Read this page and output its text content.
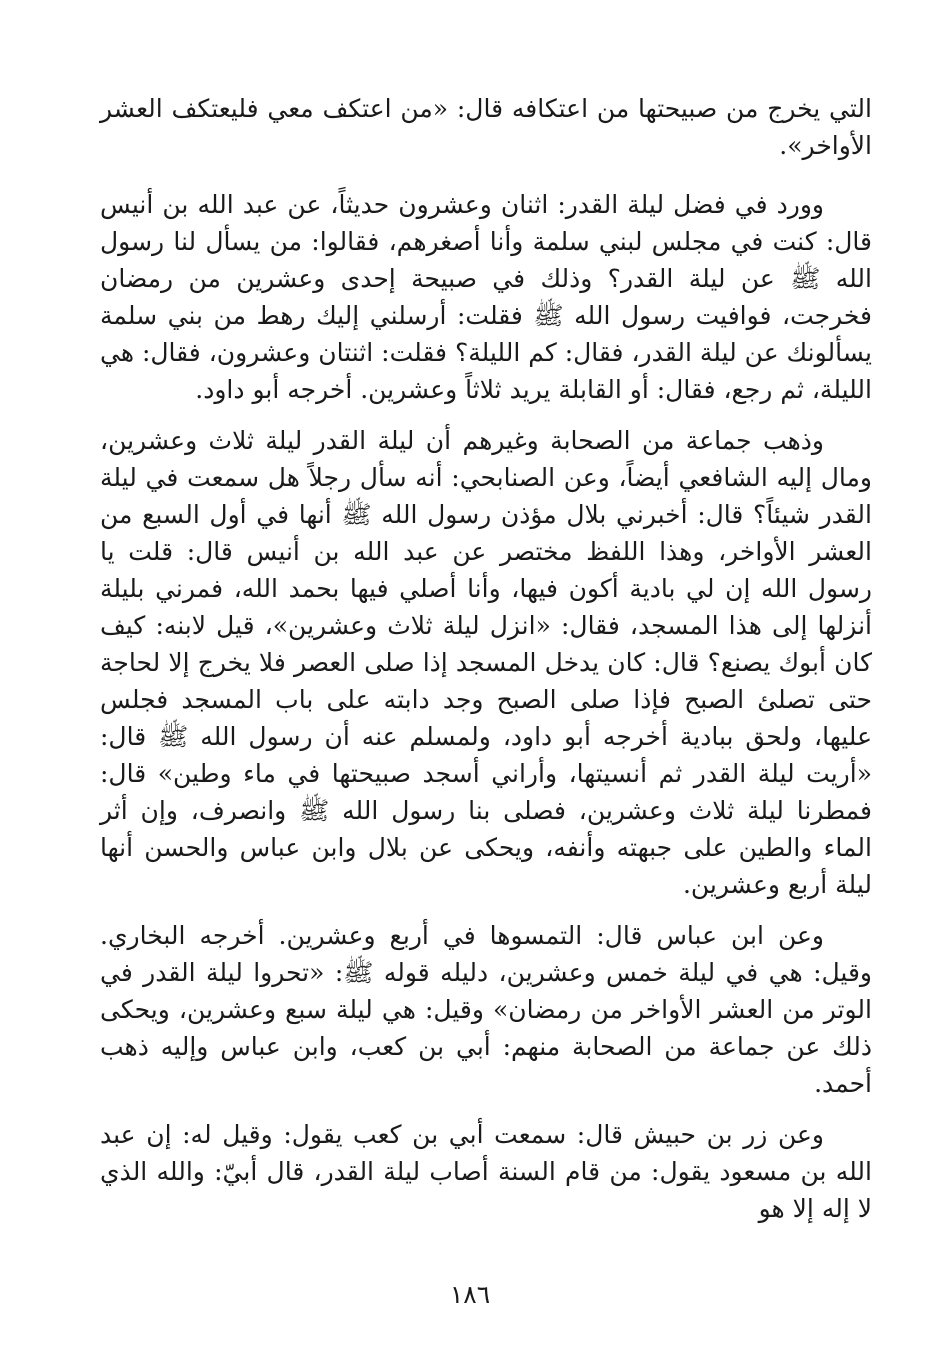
التي يخرج من صبيحتها من اعتكافه قال: «من اعتكف معي فليعتكف العشر الأواخر».

وورد في فضل ليلة القدر: اثنان وعشرون حديثاً، عن عبد الله بن أنيس قال: كنت في مجلس لبني سلمة وأنا أصغرهم، فقالوا: من يسأل لنا رسول الله ﷺ عن ليلة القدر؟ وذلك في صبيحة إحدى وعشرين من رمضان فخرجت، فوافيت رسول الله ﷺ فقلت: أرسلني إليك رهط من بني سلمة يسألونك عن ليلة القدر، فقال: كم الليلة؟ فقلت: اثنتان وعشرون، فقال: هي الليلة، ثم رجع، فقال: أو القابلة يريد ثلاثاً وعشرين. أخرجه أبو داود.

وذهب جماعة من الصحابة وغيرهم أن ليلة القدر ليلة ثلاث وعشرين، ومال إليه الشافعي أيضاً، وعن الصنابحي: أنه سأل رجلاً هل سمعت في ليلة القدر شيئاً؟ قال: أخبرني بلال مؤذن رسول الله ﷺ أنها في أول السبع من العشر الأواخر، وهذا اللفظ مختصر عن عبد الله بن أنيس قال: قلت يا رسول الله إن لي بادية أكون فيها، وأنا أصلي فيها بحمد الله، فمرني بليلة أنزلها إلى هذا المسجد، فقال: «انزل ليلة ثلاث وعشرين»، قيل لابنه: كيف كان أبوك يصنع؟ قال: كان يدخل المسجد إذا صلى العصر فلا يخرج إلا لحاجة حتى تصلئ الصبح فإذا صلى الصبح وجد دابته على باب المسجد فجلس عليها، ولحق ببادية أخرجه أبو داود، ولمسلم عنه أن رسول الله ﷺ قال: «أريت ليلة القدر ثم أنسيتها، وأراني أسجد صبيحتها في ماء وطين» قال: فمطرنا ليلة ثلاث وعشرين، فصلى بنا رسول الله ﷺ وانصرف، وإن أثر الماء والطين على جبهته وأنفه، ويحكى عن بلال وابن عباس والحسن أنها ليلة أربع وعشرين.

وعن ابن عباس قال: التمسوها في أربع وعشرين. أخرجه البخاري. وقيل: هي في ليلة خمس وعشرين، دليله قوله ﷺ: «تحروا ليلة القدر في الوتر من العشر الأواخر من رمضان» وقيل: هي ليلة سبع وعشرين، ويحكى ذلك عن جماعة من الصحابة منهم: أبي بن كعب، وابن عباس وإليه ذهب أحمد.

وعن زر بن حبيش قال: سمعت أبي بن كعب يقول: وقيل له: إن عبد الله بن مسعود يقول: من قام السنة أصاب ليلة القدر، قال أبيّ: والله الذي لا إله إلا هو

١٨٦
